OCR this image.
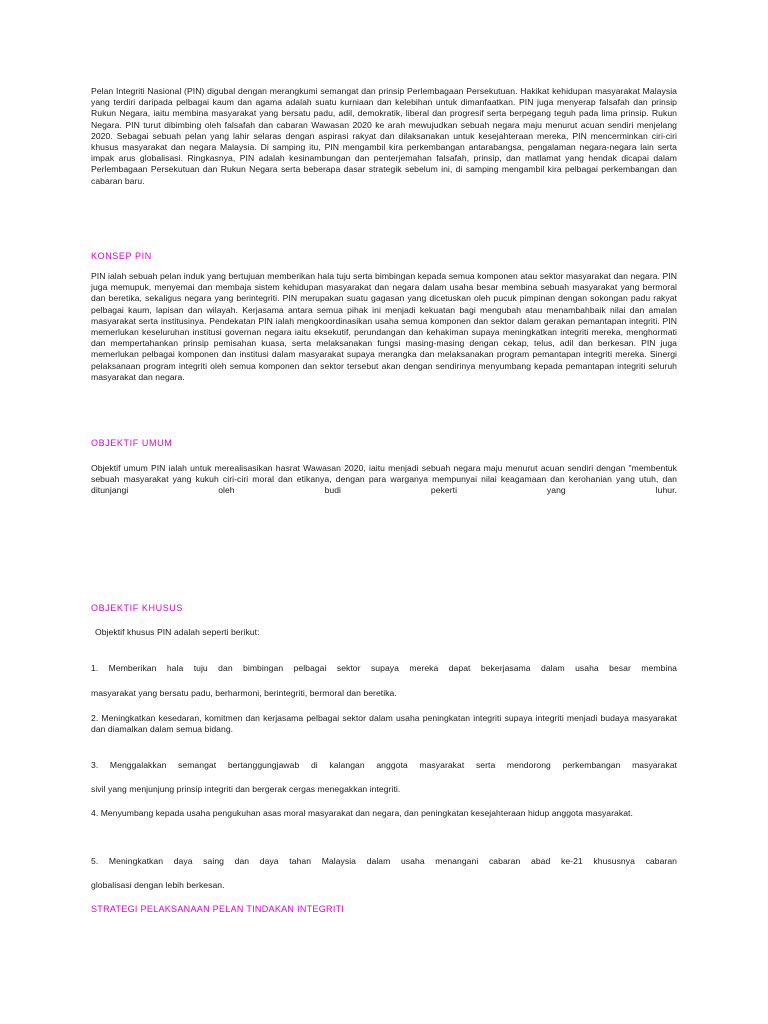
Pelan Integriti Nasional (PIN) digubal dengan merangkumi semangat dan prinsip Perlembagaan Persekutuan. Hakikat kehidupan masyarakat Malaysia yang terdiri daripada pelbagai kaum dan agama adalah suatu kurniaan dan kelebihan untuk dimanfaatkan. PIN juga menyerap falsafah dan prinsip Rukun Negara, iaitu membina masyarakat yang bersatu padu, adil, demokratik, liberal dan progresif serta berpegang teguh pada lima prinsip. Rukun Negara. PIN turut dibimbing oleh falsafah dan cabaran Wawasan 2020 ke arah mewujudkan sebuah negara maju menurut acuan sendiri menjelang 2020. Sebagai sebuah pelan yang lahir selaras dengan aspirasi rakyat dan dilaksanakan untuk kesejahteraan mereka, PIN mencerminkan ciri-ciri khusus masyarakat dan negara Malaysia. Di samping itu, PIN mengambil kira perkembangan antarabangsa, pengalaman negara-negara lain serta impak arus globalisasi. Ringkasnya, PIN adalah kesinambungan dan penterjemahan falsafah, prinsip, dan matlamat yang hendak dicapai dalam Perlembagaan Persekutuan dan Rukun Negara serta beberapa dasar strategik sebelum ini, di samping mengambil kira pelbagai perkembangan dan cabaran baru.

KONSEP PIN

PIN ialah sebuah pelan induk yang bertujuan memberikan hala tuju serta bimbingan kepada semua komponen atau sektor masyarakat dan negara. PIN juga memupuk, menyemai dan membaja sistem kehidupan masyarakat dan negara dalam usaha besar membina sebuah masyarakat yang bermoral dan beretika, sekaligus negara yang berintegriti. PIN merupakan suatu gagasan yang dicetuskan oleh pucuk pimpinan dengan sokongan padu rakyat pelbagai kaum, lapisan dan wilayah. Kerjasama antara semua pihak ini menjadi kekuatan bagi mengubah atau menambahbaik nilai dan amalan masyarakat serta institusinya. Pendekatan PIN ialah mengkoordinasikan usaha semua komponen dan sektor dalam gerakan pemantapan integriti. PIN memerlukan keseluruhan institusi governan negara iaitu eksekutif, perundangan dan kehakiman supaya meningkatkan integriti mereka, menghormati dan mempertahankan prinsip pemisahan kuasa, serta melaksanakan fungsi masing-masing dengan cekap, telus, adil dan berkesan. PIN juga memerlukan pelbagai komponen dan institusi dalam masyarakat supaya merangka dan melaksanakan program pemantapan integriti mereka. Sinergi pelaksanaan program integriti oleh semua komponen dan sektor tersebut akan dengan sendirinya menyumbang kepada pemantapan integriti seluruh masyarakat dan negara.

OBJEKTIF UMUM

Objektif umum PIN ialah untuk merealisasikan hasrat Wawasan 2020, iaitu menjadi sebuah negara maju menurut acuan sendiri dengan "membentuk sebuah masyarakat yang kukuh ciri-ciri moral dan etikanya, dengan para warganya mempunyai nilai keagamaan dan kerohanian yang utuh, dan ditunjangi oleh budi pekerti yang luhur.

OBJEKTIF KHUSUS

Objektif khusus PIN adalah seperti berikut:

1. Memberikan hala tuju dan bimbingan pelbagai sektor supaya mereka dapat bekerjasama dalam usaha besar membina

masyarakat yang bersatu padu, berharmoni, berintegriti, bermoral dan beretika.

2. Meningkatkan kesedaran, komitmen dan kerjasama pelbagai sektor dalam usaha peningkatan integriti supaya integriti menjadi budaya masyarakat dan diamalkan dalam semua bidang.

3. Menggalakkan semangat bertanggungjawab di kalangan anggota masyarakat serta mendorong perkembangan masyarakat

sivil yang menjunjung prinsip integriti dan bergerak cergas menegakkan integriti.

4. Menyumbang kepada usaha pengukuhan asas moral masyarakat dan negara, dan peningkatan kesejahteraan hidup anggota masyarakat.

5. Meningkatkan daya saing dan daya tahan Malaysia dalam usaha menangani cabaran abad ke-21 khususnya cabaran

globalisasi dengan lebih berkesan.

STRATEGI PELAKSANAAN PELAN TINDAKAN INTEGRITI
